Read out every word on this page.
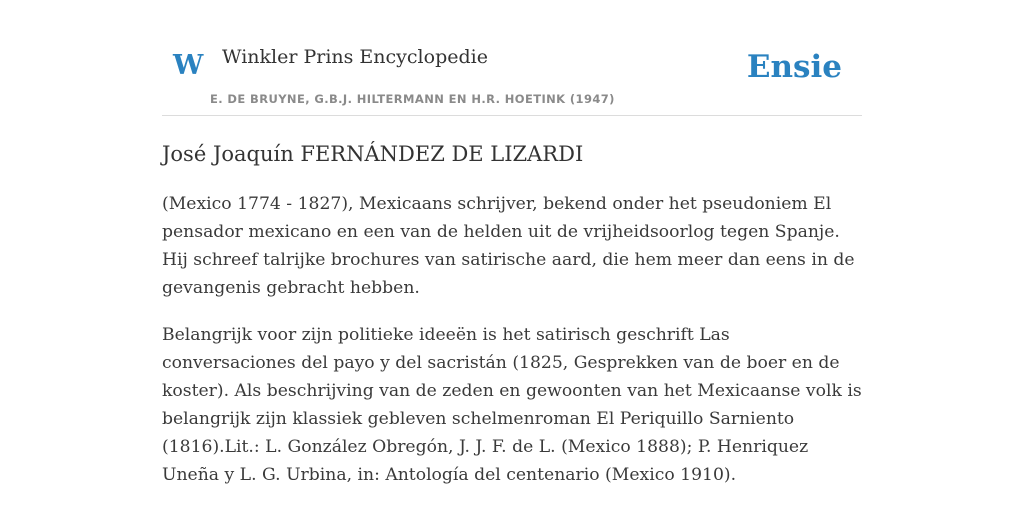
W Winkler Prins Encyclopedie	Ensie
E. DE BRUYNE, G.B.J. HILTERMANN EN H.R. HOETINK (1947)
José Joaquín FERNÁNDEZ DE LIZARDI

(Mexico 1774 - 1827), Mexicaans schrijver, bekend onder het pseudoniem El pensador mexicano en een van de helden uit de vrijheidsoorlog tegen Spanje. Hij schreef talrijke brochures van satirische aard, die hem meer dan eens in de gevangenis gebracht hebben.

Belangrijk voor zijn politieke ideeën is het satirisch geschrift Las conversaciones del payo y del sacristán (1825, Gesprekken van de boer en de koster). Als beschrijving van de zeden en gewoonten van het Mexicaanse volk is belangrijk zijn klassiek gebleven schelmenroman El Periquillo Sarniento (1816).Lit.: L. González Obregón, J. J. F. de L. (Mexico 1888); P. Henriquez Uneña y L. G. Urbina, in: Antología del centenario (Mexico 1910).
